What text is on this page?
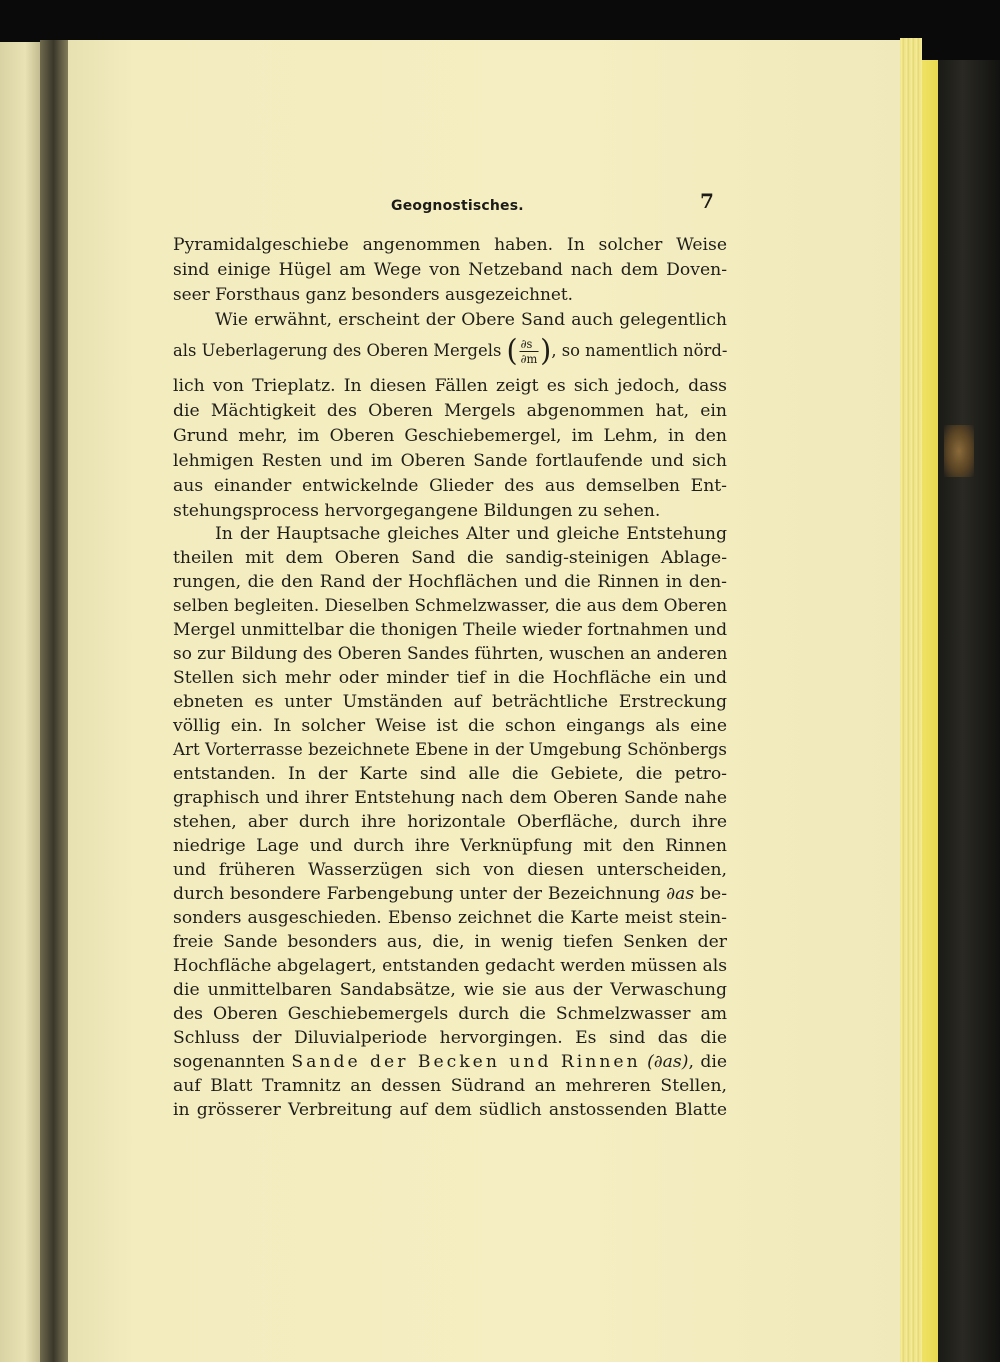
Geognostisches.	7

Pyramidalgeschiebe angenommen haben. In solcher Weise

sind einige Hügel am Wege von Netzeband nach dem Doven-

seer Forsthaus ganz besonders ausgezeichnet.

Wie erwähnt, erscheint der Obere Sand auch gelegentlich

als Ueberlagerung des Oberen Mergels ( $\frac{\partial s}{\partial m}$ ), so namentlich nörd-

lich von Trieplatz. In diesen Fällen zeigt es sich jedoch, dass

die Mächtigkeit des Oberen Mergels abgenommen hat, ein

Grund mehr, im Oberen Geschiebemergel, im Lehm, in den

lehmigen Resten und im Oberen Sande fortlaufende und sich

aus einander entwickelnde Glieder des aus demselben Ent-

stehungsprocess hervorgegangene Bildungen zu sehen.

In der Hauptsache gleiches Alter und gleiche Entstehung

theilen mit dem Oberen Sand die sandig-steinigen Ablage-

rungen, die den Rand der Hochflächen und die Rinnen in den-

selben begleiten. Dieselben Schmelzwasser, die aus dem Oberen

Mergel unmittelbar die thonigen Theile wieder fortnahmen und

so zur Bildung des Oberen Sandes führten, wuschen an anderen

Stellen sich mehr oder minder tief in die Hochfläche ein und

ebneten es unter Umständen auf beträchtliche Erstreckung

völlig ein. In solcher Weise ist die schon eingangs als eine

Art Vorterrasse bezeichnete Ebene in der Umgebung Schönbergs

entstanden. In der Karte sind alle die Gebiete, die petro-

graphisch und ihrer Entstehung nach dem Oberen Sande nahe

stehen, aber durch ihre horizontale Oberfläche, durch ihre

niedrige Lage und durch ihre Verknüpfung mit den Rinnen

und früheren Wasserzügen sich von diesen unterscheiden,

durch besondere Farbengebung unter der Bezeichnung ∂as be-

sonders ausgeschieden. Ebenso zeichnet die Karte meist stein-

freie Sande besonders aus, die, in wenig tiefen Senken der

Hochfläche abgelagert, entstanden gedacht werden müssen als

die unmittelbaren Sandabsätze, wie sie aus der Verwaschung

des Oberen Geschiebemergels durch die Schmelzwasser am

Schluss der Diluvialperiode hervorgingen. Es sind das die

sogenannten Sande der Becken und Rinnen (∂as), die

auf Blatt Tramnitz an dessen Südrand an mehreren Stellen,

in grösserer Verbreitung auf dem südlich anstossenden Blatte
